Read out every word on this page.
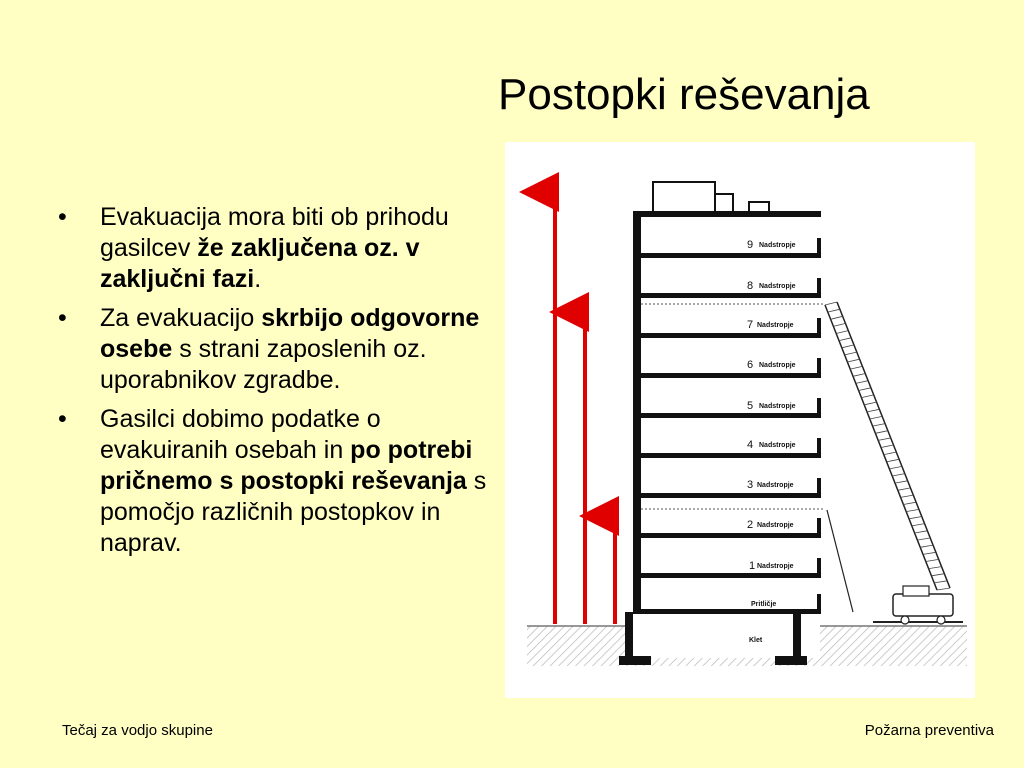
Postopki reševanja
• Evakuacija mora biti ob prihodu gasilcev že zaključena oz. v zaključni fazi.
• Za evakuacijo skrbijo odgovorne osebe s strani zaposlenih oz. uporabnikov zgradbe.
• Gasilci dobimo podatke o evakuiranih osebah in po potrebi pričnemo s postopki reševanja s pomočjo različnih postopkov in naprav.
9 Nadstropje
8 Nadstropje
7 Nadstropje
6 Nadstropje
5 Nadstropje
4 Nadstropje
3 Nadstropje
2 Nadstropje
1 Nadstropje
Pritličje
Klet
Tečaj za vodjo skupine	Požarna preventiva
